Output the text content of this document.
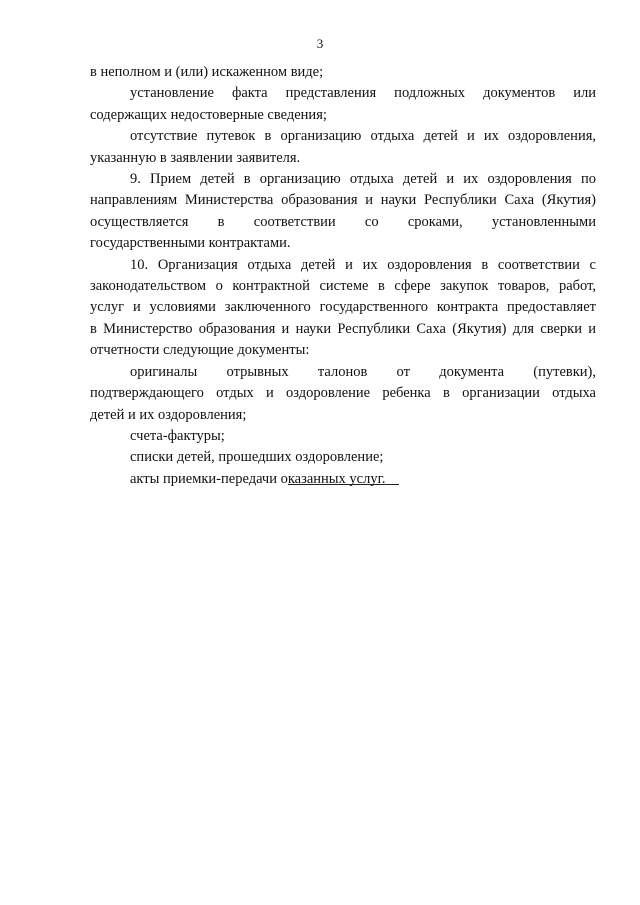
3
в неполном и (или) искаженном виде;
установление факта представления подложных документов или
содержащих недостоверные сведения;
отсутствие путевок в организацию отдыха детей и их оздоровления,
указанную в заявлении заявителя.
9. Прием детей в организацию отдыха детей и их оздоровления по
направлениям Министерства образования и науки Республики Саха (Якутия)
осуществляется в соответствии со сроками, установленными
государственными контрактами.
10. Организация отдыха детей и их оздоровления в соответствии с
законодательством о контрактной системе в сфере закупок товаров, работ,
услуг и условиями заключенного государственного контракта предоставляет
в Министерство образования и науки Республики Саха (Якутия) для сверки и
отчетности следующие документы:
оригиналы отрывных талонов от документа (путевки),
подтверждающего отдых и оздоровление ребенка в организации отдыха
детей и их оздоровления;
счета-фактуры;
списки детей, прошедших оздоровление;
акты приемки-передачи оказанных услуг.
